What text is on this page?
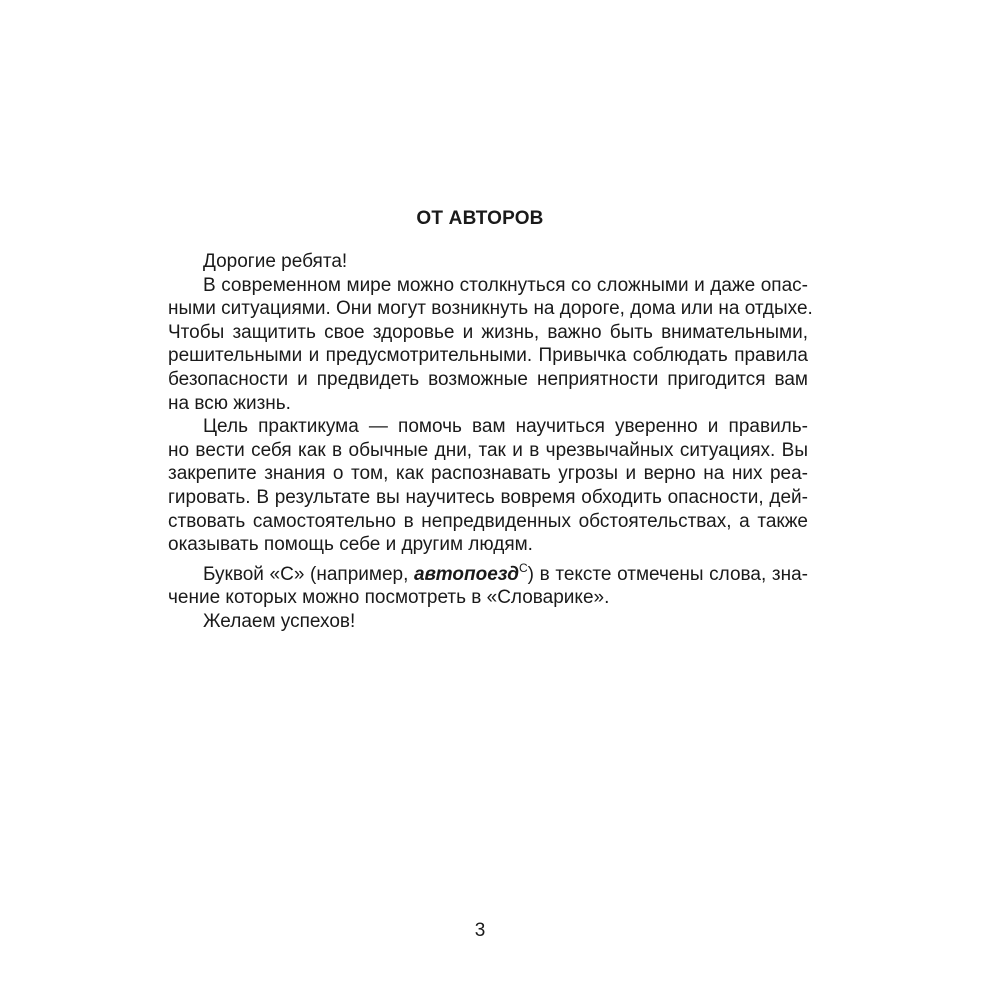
ОТ АВТОРОВ
Дорогие ребята!
В современном мире можно столкнуться со сложными и даже опас-
ными ситуациями. Они могут возникнуть на дороге, дома или на отдыхе.
Чтобы защитить свое здоровье и жизнь, важно быть внимательными,
решительными и предусмотрительными. Привычка соблюдать правила
безопасности и предвидеть возможные неприятности пригодится вам
на всю жизнь.
Цель практикума — помочь вам научиться уверенно и правиль-
но вести себя как в обычные дни, так и в чрезвычайных ситуациях. Вы
закрепите знания о том, как распознавать угрозы и верно на них реа-
гировать. В результате вы научитесь вовремя обходить опасности, дей-
ствовать самостоятельно в непредвиденных обстоятельствах, а также
оказывать помощь себе и другим людям.
Буквой «С» (например, автопоезд$^С$) в тексте отмечены слова, зна-
чение которых можно посмотреть в «Словарике».
Желаем успехов!
3
